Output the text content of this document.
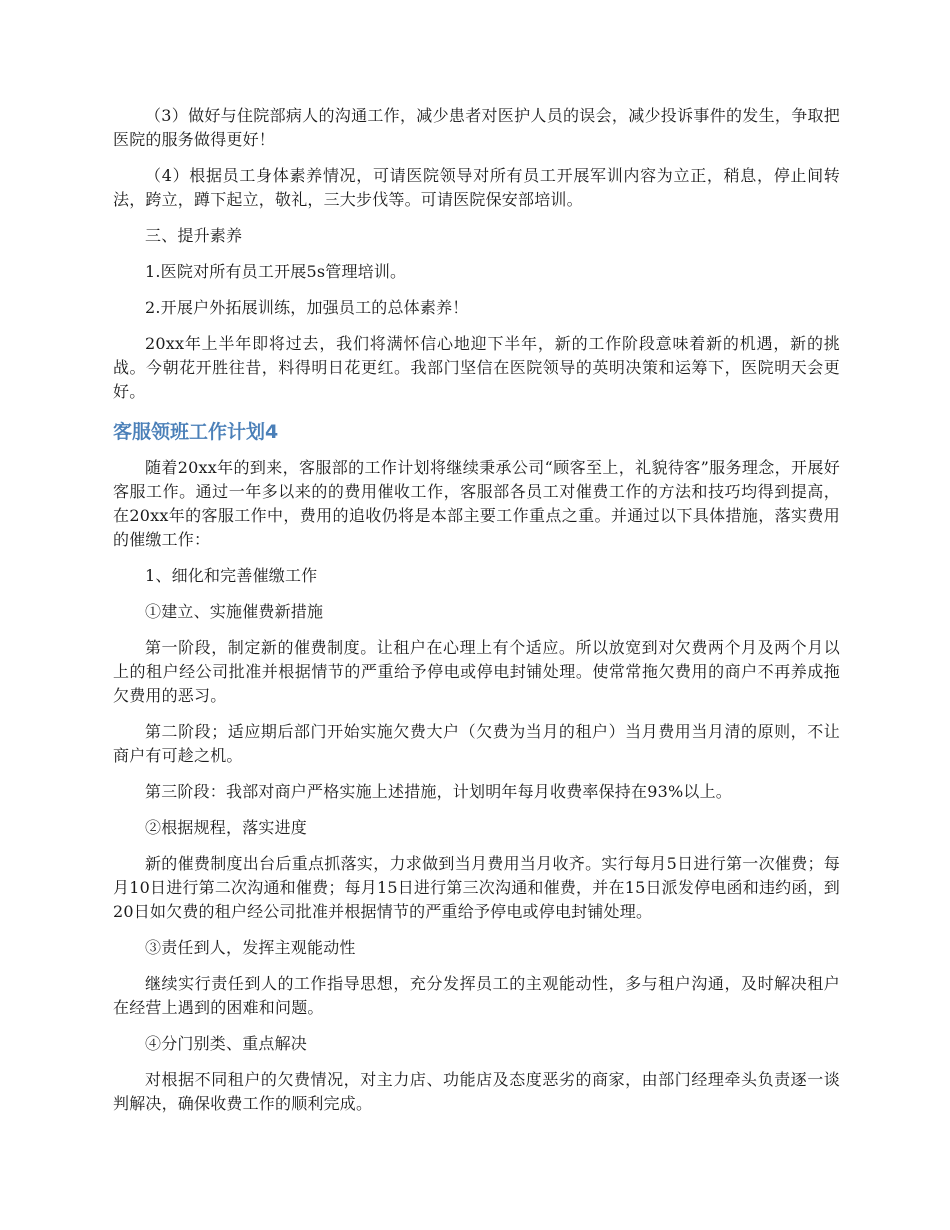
（3）做好与住院部病人的沟通工作，减少患者对医护人员的误会，减少投诉事件的发生，争取把医院的服务做得更好！

（4）根据员工身体素养情况，可请医院领导对所有员工开展军训内容为立正，稍息，停止间转法，跨立，蹲下起立，敬礼，三大步伐等。可请医院保安部培训。

三、提升素养

1.医院对所有员工开展5s管理培训。

2.开展户外拓展训练，加强员工的总体素养！

20xx年上半年即将过去，我们将满怀信心地迎下半年，新的工作阶段意味着新的机遇，新的挑战。今朝花开胜往昔，料得明日花更红。我部门坚信在医院领导的英明决策和运筹下，医院明天会更好。

客服领班工作计划4

随着20xx年的到来，客服部的工作计划将继续秉承公司“顾客至上，礼貌待客”服务理念，开展好客服工作。通过一年多以来的的费用催收工作，客服部各员工对催费工作的方法和技巧均得到提高，在20xx年的客服工作中，费用的追收仍将是本部主要工作重点之重。并通过以下具体措施，落实费用的催缴工作：

1、细化和完善催缴工作

①建立、实施催费新措施

第一阶段，制定新的催费制度。让租户在心理上有个适应。所以放宽到对欠费两个月及两个月以上的租户经公司批准并根据情节的严重给予停电或停电封铺处理。使常常拖欠费用的商户不再养成拖欠费用的恶习。

第二阶段；适应期后部门开始实施欠费大户（欠费为当月的租户）当月费用当月清的原则，不让商户有可趁之机。

第三阶段：我部对商户严格实施上述措施，计划明年每月收费率保持在93%以上。

②根据规程，落实进度

新的催费制度出台后重点抓落实，力求做到当月费用当月收齐。实行每月5日进行第一次催费；每月10日进行第二次沟通和催费；每月15日进行第三次沟通和催费，并在15日派发停电函和违约函，到20日如欠费的租户经公司批准并根据情节的严重给予停电或停电封铺处理。

③责任到人，发挥主观能动性

继续实行责任到人的工作指导思想，充分发挥员工的主观能动性，多与租户沟通，及时解决租户在经营上遇到的困难和问题。

④分门别类、重点解决

对根据不同租户的欠费情况，对主力店、功能店及态度恶劣的商家，由部门经理牵头负责逐一谈判解决，确保收费工作的顺利完成。
